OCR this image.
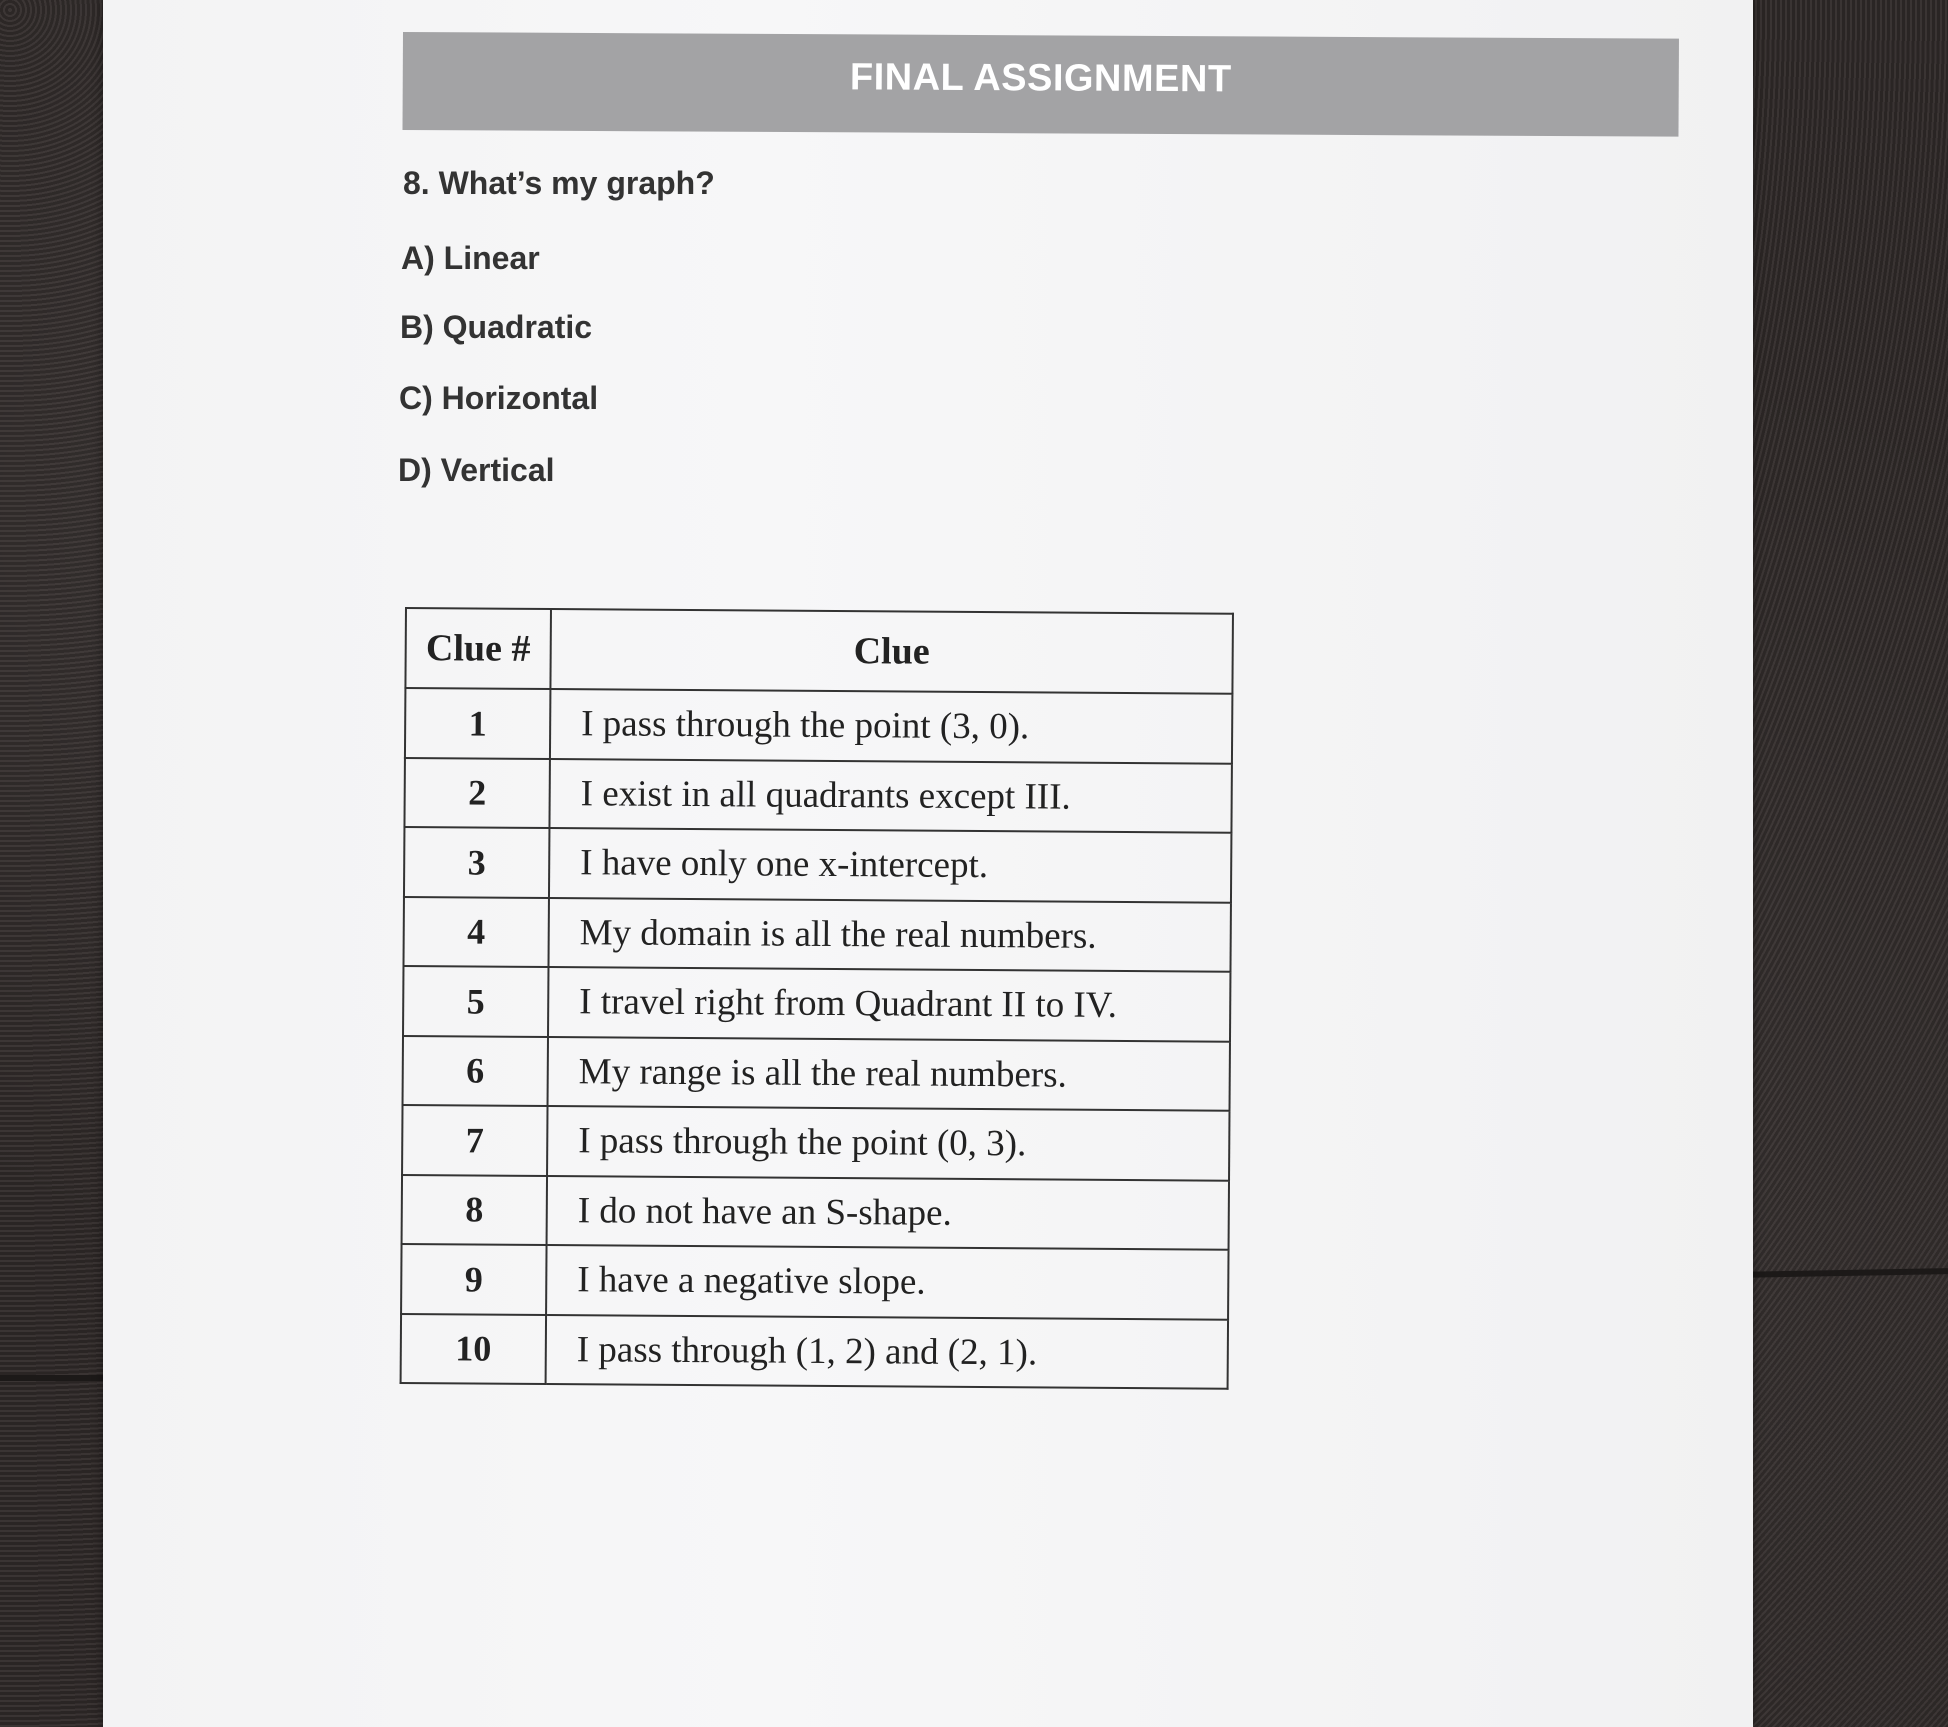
FINAL ASSIGNMENT
8. What’s my graph?
A) Linear
B) Quadratic
C) Horizontal
D) Vertical
Clue #	Clue
1	I pass through the point (3, 0).
2	I exist in all quadrants except III.
3	I have only one x-intercept.
4	My domain is all the real numbers.
5	I travel right from Quadrant II to IV.
6	My range is all the real numbers.
7	I pass through the point (0, 3).
8	I do not have an S-shape.
9	I have a negative slope.
10	I pass through (1, 2) and (2, 1).
